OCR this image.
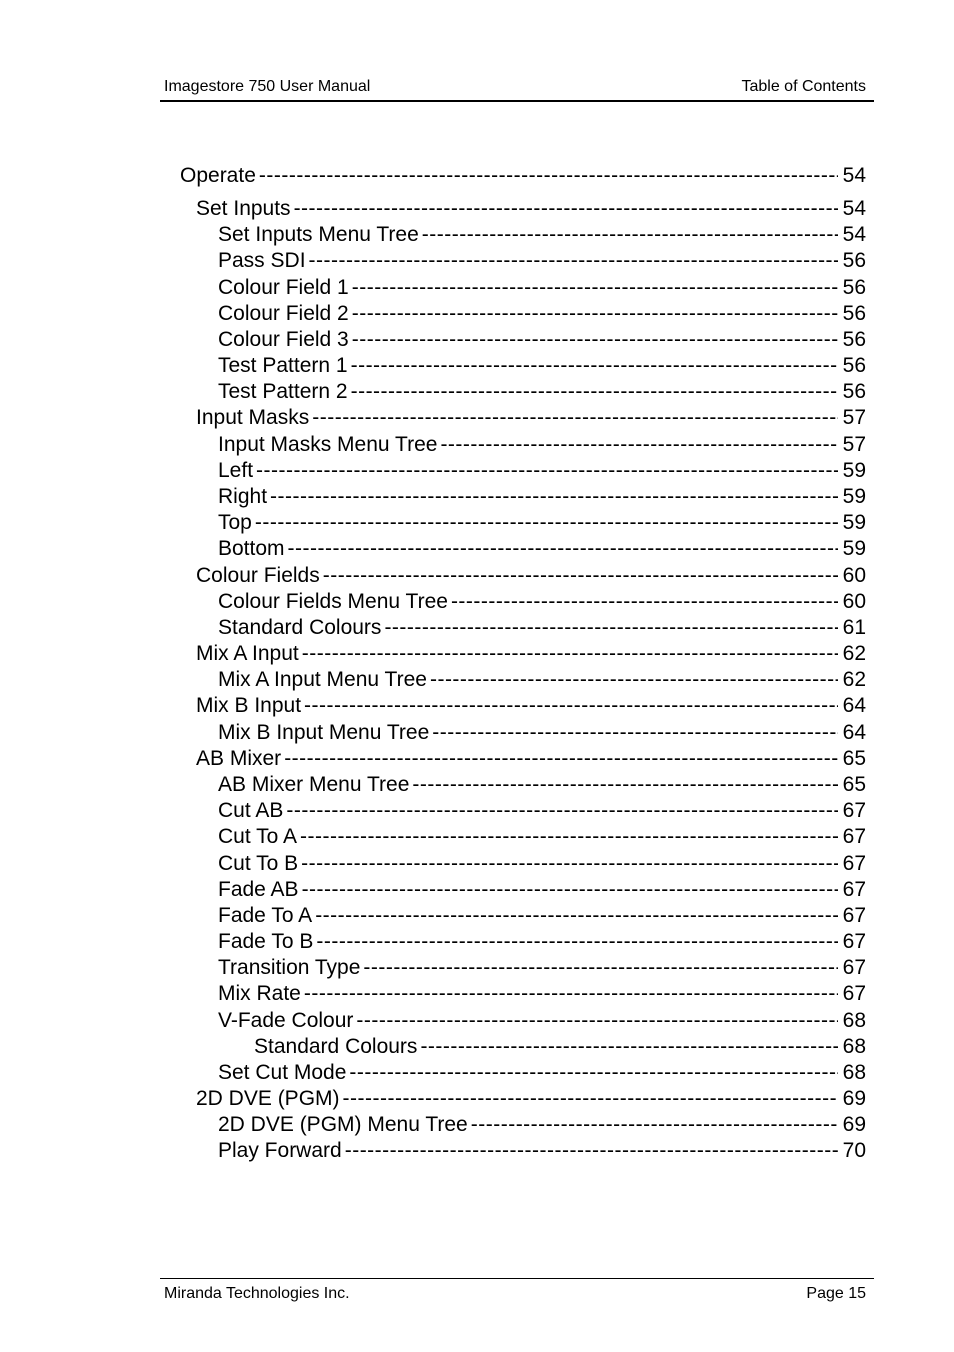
Imagestore 750 User Manual	Table of Contents
Operate -----	54
Set Inputs -----	54
Set Inputs Menu Tree -----	54
Pass SDI -----	56
Colour Field 1 -----	56
Colour Field 2 -----	56
Colour Field 3 -----	56
Test Pattern 1 -----	56
Test Pattern 2 -----	56
Input Masks -----	57
Input Masks Menu Tree -----	57
Left -----	59
Right -----	59
Top -----	59
Bottom -----	59
Colour Fields -----	60
Colour Fields Menu Tree -----	60
Standard Colours -----	61
Mix A Input -----	62
Mix A Input Menu Tree -----	62
Mix B Input -----	64
Mix B Input Menu Tree -----	64
AB Mixer -----	65
AB Mixer Menu Tree -----	65
Cut AB -----	67
Cut To A -----	67
Cut To B -----	67
Fade AB -----	67
Fade To A -----	67
Fade To B -----	67
Transition Type -----	67
Mix Rate -----	67
V-Fade Colour -----	68
Standard Colours -----	68
Set Cut Mode -----	68
2D DVE (PGM) -----	69
2D DVE (PGM) Menu Tree -----	69
Play Forward -----	70
Miranda Technologies Inc.	Page 15
